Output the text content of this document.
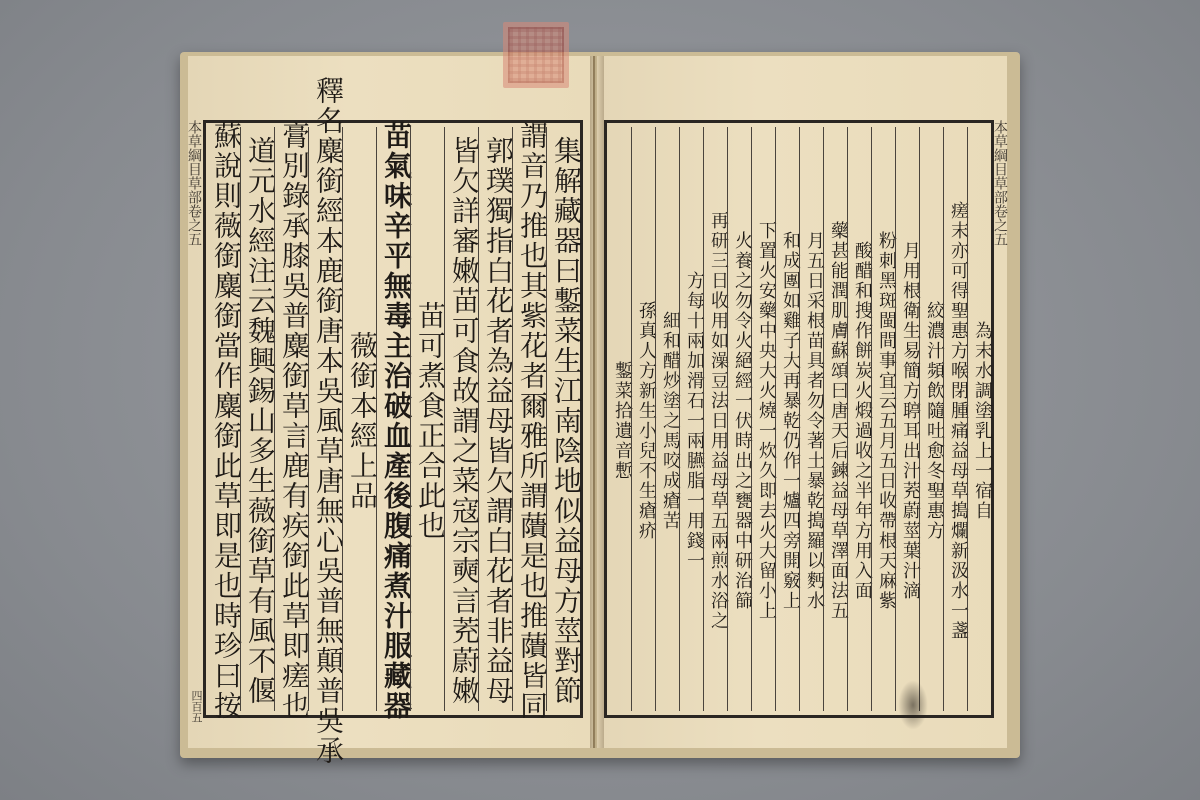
本草綱目草部卷之五
四百五
本草綱目草部卷之五
蘇說則薇銜麋銜當作麋銜此草即是也時珍曰按 道元水經注云魏興錫山多生薇銜草有風不偃 膏別錄承膝吳普麋銜草言鹿有疾銜此草即瘥也 釋名麋銜經本鹿銜唐本吳風草唐無心吳普無顛普吳承 薇銜本經上品 苗氣味辛平無毒主治破血產後腹痛煮汁服藏器 苗可煮食正合此也 皆欠詳審嫩苗可食故謂之菜寇宗奭言茺蔚嫩 郭璞獨指白花者為益母皆欠謂白花者非益母 謂音乃推也其紫花者爾雅所謂藬是也推藬皆同 集解藏器曰鏨菜生江南陰地似益母方莖對節 鏨菜拾遺音慙 孫真人方新生小兒不生瘡疥 細和醋炒塗之馬咬成瘡苦 方每十兩加滑石一兩臙脂一用錢一 再研三日收用如澡豆法日用益母草五兩煎水浴之 火養之勿令火絕經一伏時出之甕器中研治篩 下置火安藥中央大火燒一炊久即去火大留小上 和成團如雞子大再暴乾仍作一爐四旁開竅上 月五日采根苗具者勿令著土暴乾搗羅以麪水 藥甚能潤肌膚蘇頌曰唐天后鍊益母草澤面法五 酸醋和搜作餅炭火煅過收之半年方用入面 粉刺黑斑閩間事宜云五月五日收帶根天麻紫 月用根衛生易簡方聤耳出汁茺蔚莖葉汁滴 絞濃汁頻飲隨吐愈冬聖惠方 瘥末亦可得聖惠方喉閉腫痛益母草搗爛新汲水一盞 為末水調塗乳上一宿自
